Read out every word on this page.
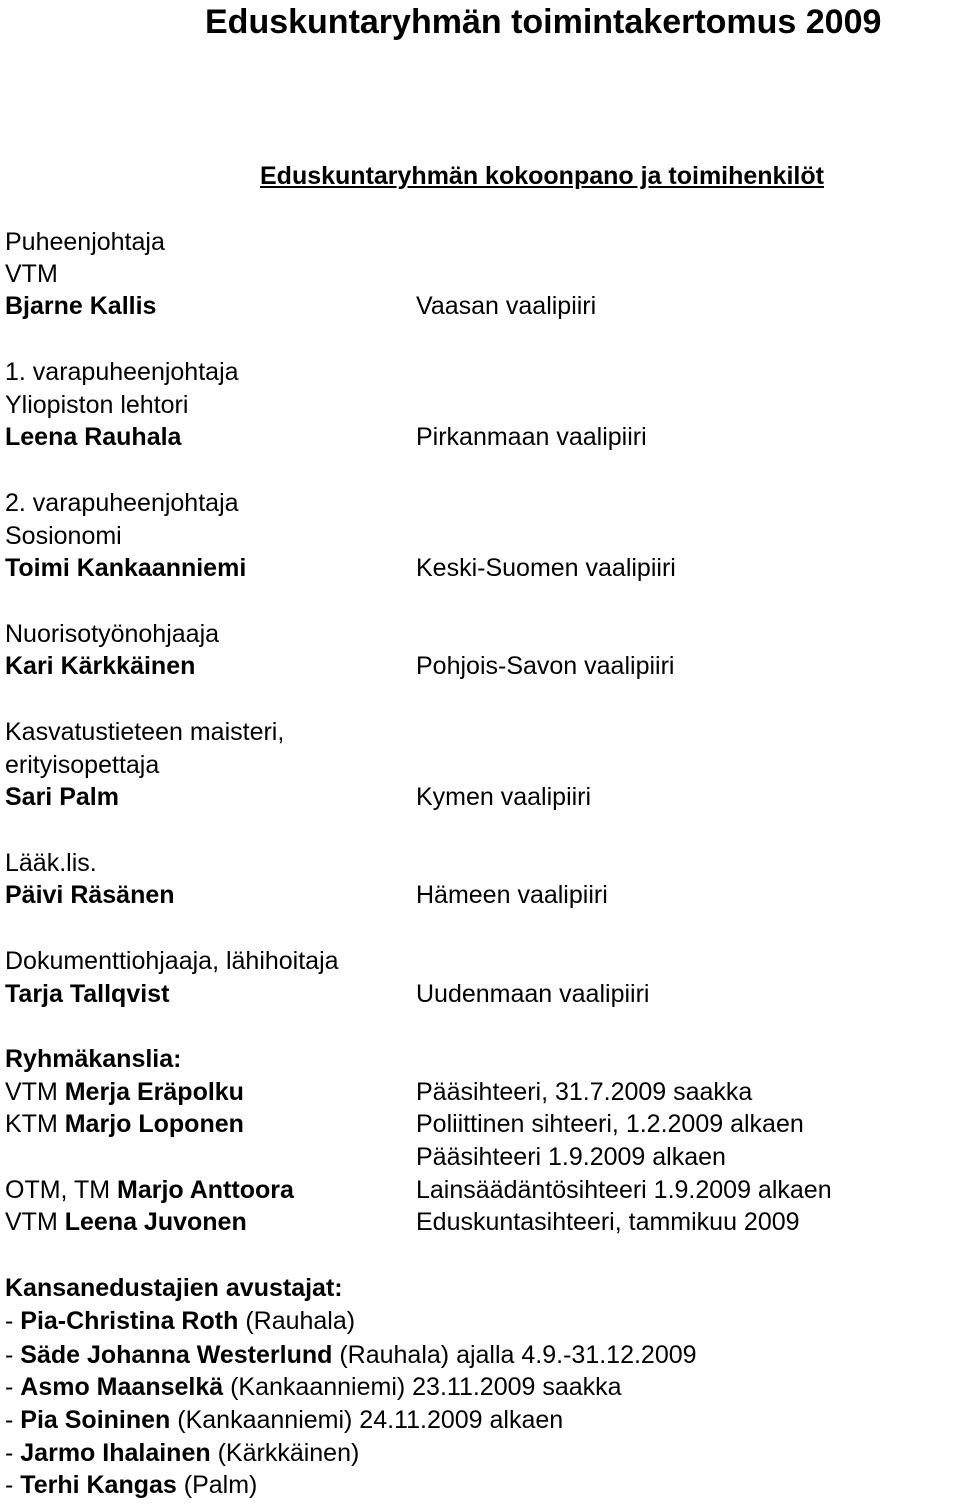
Eduskuntaryhmän toimintakertomus 2009
Eduskuntaryhmän kokoonpano ja toimihenkilöt
Puheenjohtaja
VTM
Bjarne Kallis	Vaasan vaalipiiri
1. varapuheenjohtaja
Yliopiston lehtori
Leena Rauhala	Pirkanmaan vaalipiiri
2. varapuheenjohtaja
Sosionomi
Toimi Kankaanniemi	Keski-Suomen vaalipiiri
Nuorisotyönohjaaja
Kari Kärkkäinen	Pohjois-Savon vaalipiiri
Kasvatustieteen maisteri,
erityisopettaja
Sari Palm	Kymen vaalipiiri
Lääk.lis.
Päivi Räsänen	Hämeen vaalipiiri
Dokumenttiohjaaja, lähihoitaja
Tarja Tallqvist	Uudenmaan vaalipiiri
Ryhmäkanslia:
VTM Merja Eräpolku	Pääsihteeri, 31.7.2009 saakka
KTM Marjo Loponen	Poliittinen sihteeri, 1.2.2009 alkaen
Pääsihteeri 1.9.2009 alkaen
OTM, TM Marjo Anttoora	Lainsäädäntösihteeri 1.9.2009 alkaen
VTM Leena Juvonen	Eduskuntasihteeri, tammikuu 2009
Kansanedustajien avustajat:
- Pia-Christina Roth (Rauhala)
- Säde Johanna Westerlund (Rauhala) ajalla 4.9.-31.12.2009
- Asmo Maanselkä (Kankaanniemi) 23.11.2009 saakka
- Pia Soininen (Kankaanniemi) 24.11.2009 alkaen
- Jarmo Ihalainen (Kärkkäinen)
- Terhi Kangas (Palm)
